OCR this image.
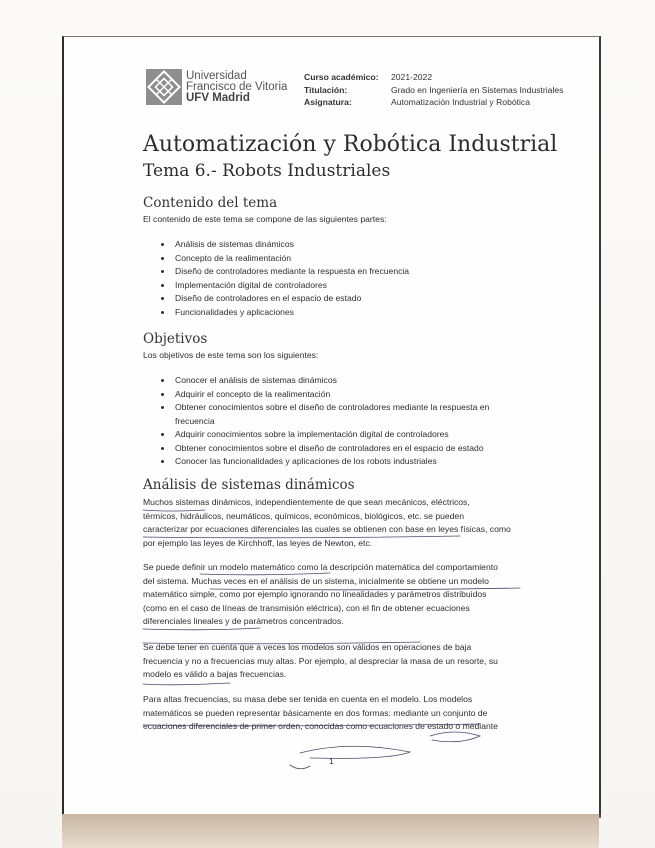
Universidad
Francisco de Vitoria
UFV Madrid
Curso académico:	2021-2022
Titulación:	Grado en Ingeniería en Sistemas Industriales
Asignatura:	Automatización Industrial y Robótica
Automatización y Robótica Industrial
Tema 6.- Robots Industriales
Contenido del tema
El contenido de este tema se compone de las siguientes partes:
Análisis de sistemas dinámicos
Concepto de la realimentación
Diseño de controladores mediante la respuesta en frecuencia
Implementación digital de controladores
Diseño de controladores en el espacio de estado
Funcionalidades y aplicaciones
Objetivos
Los objetivos de este tema son los siguientes:
Conocer el análisis de sistemas dinámicos
Adquirir el concepto de la realimentación
Obtener conocimientos sobre el diseño de controladores mediante la respuesta en frecuencia
Adquirir conocimientos sobre la implementación digital de controladores
Obtener conocimientos sobre el diseño de controladores en el espacio de estado
Conocer las funcionalidades y aplicaciones de los robots industriales
Análisis de sistemas dinámicos
Muchos sistemas dinámicos, independientemente de que sean mecánicos, eléctricos,
térmicos, hidráulicos, neumáticos, químicos, económicos, biológicos, etc. se pueden
caracterizar por ecuaciones diferenciales las cuales se obtienen con base en leyes físicas, como
por ejemplo las leyes de Kirchhoff, las leyes de Newton, etc.
Se puede definir un modelo matemático como la descripción matemática del comportamiento
del sistema. Muchas veces en el análisis de un sistema, inicialmente se obtiene un modelo
matemático simple, como por ejemplo ignorando no linealidades y parámetros distribuidos
(como en el caso de líneas de transmisión eléctrica), con el fin de obtener ecuaciones
diferenciales lineales y de parámetros concentrados.
Se debe tener en cuenta que a veces los modelos son válidos en operaciones de baja
frecuencia y no a frecuencias muy altas. Por ejemplo, al despreciar la masa de un resorte, su
modelo es válido a bajas frecuencias.
Para altas frecuencias, su masa debe ser tenida en cuenta en el modelo. Los modelos
matemáticos se pueden representar básicamente en dos formas: mediante un conjunto de
ecuaciones diferenciales de primer orden, conocidas como ecuaciones de estado o mediante
1
